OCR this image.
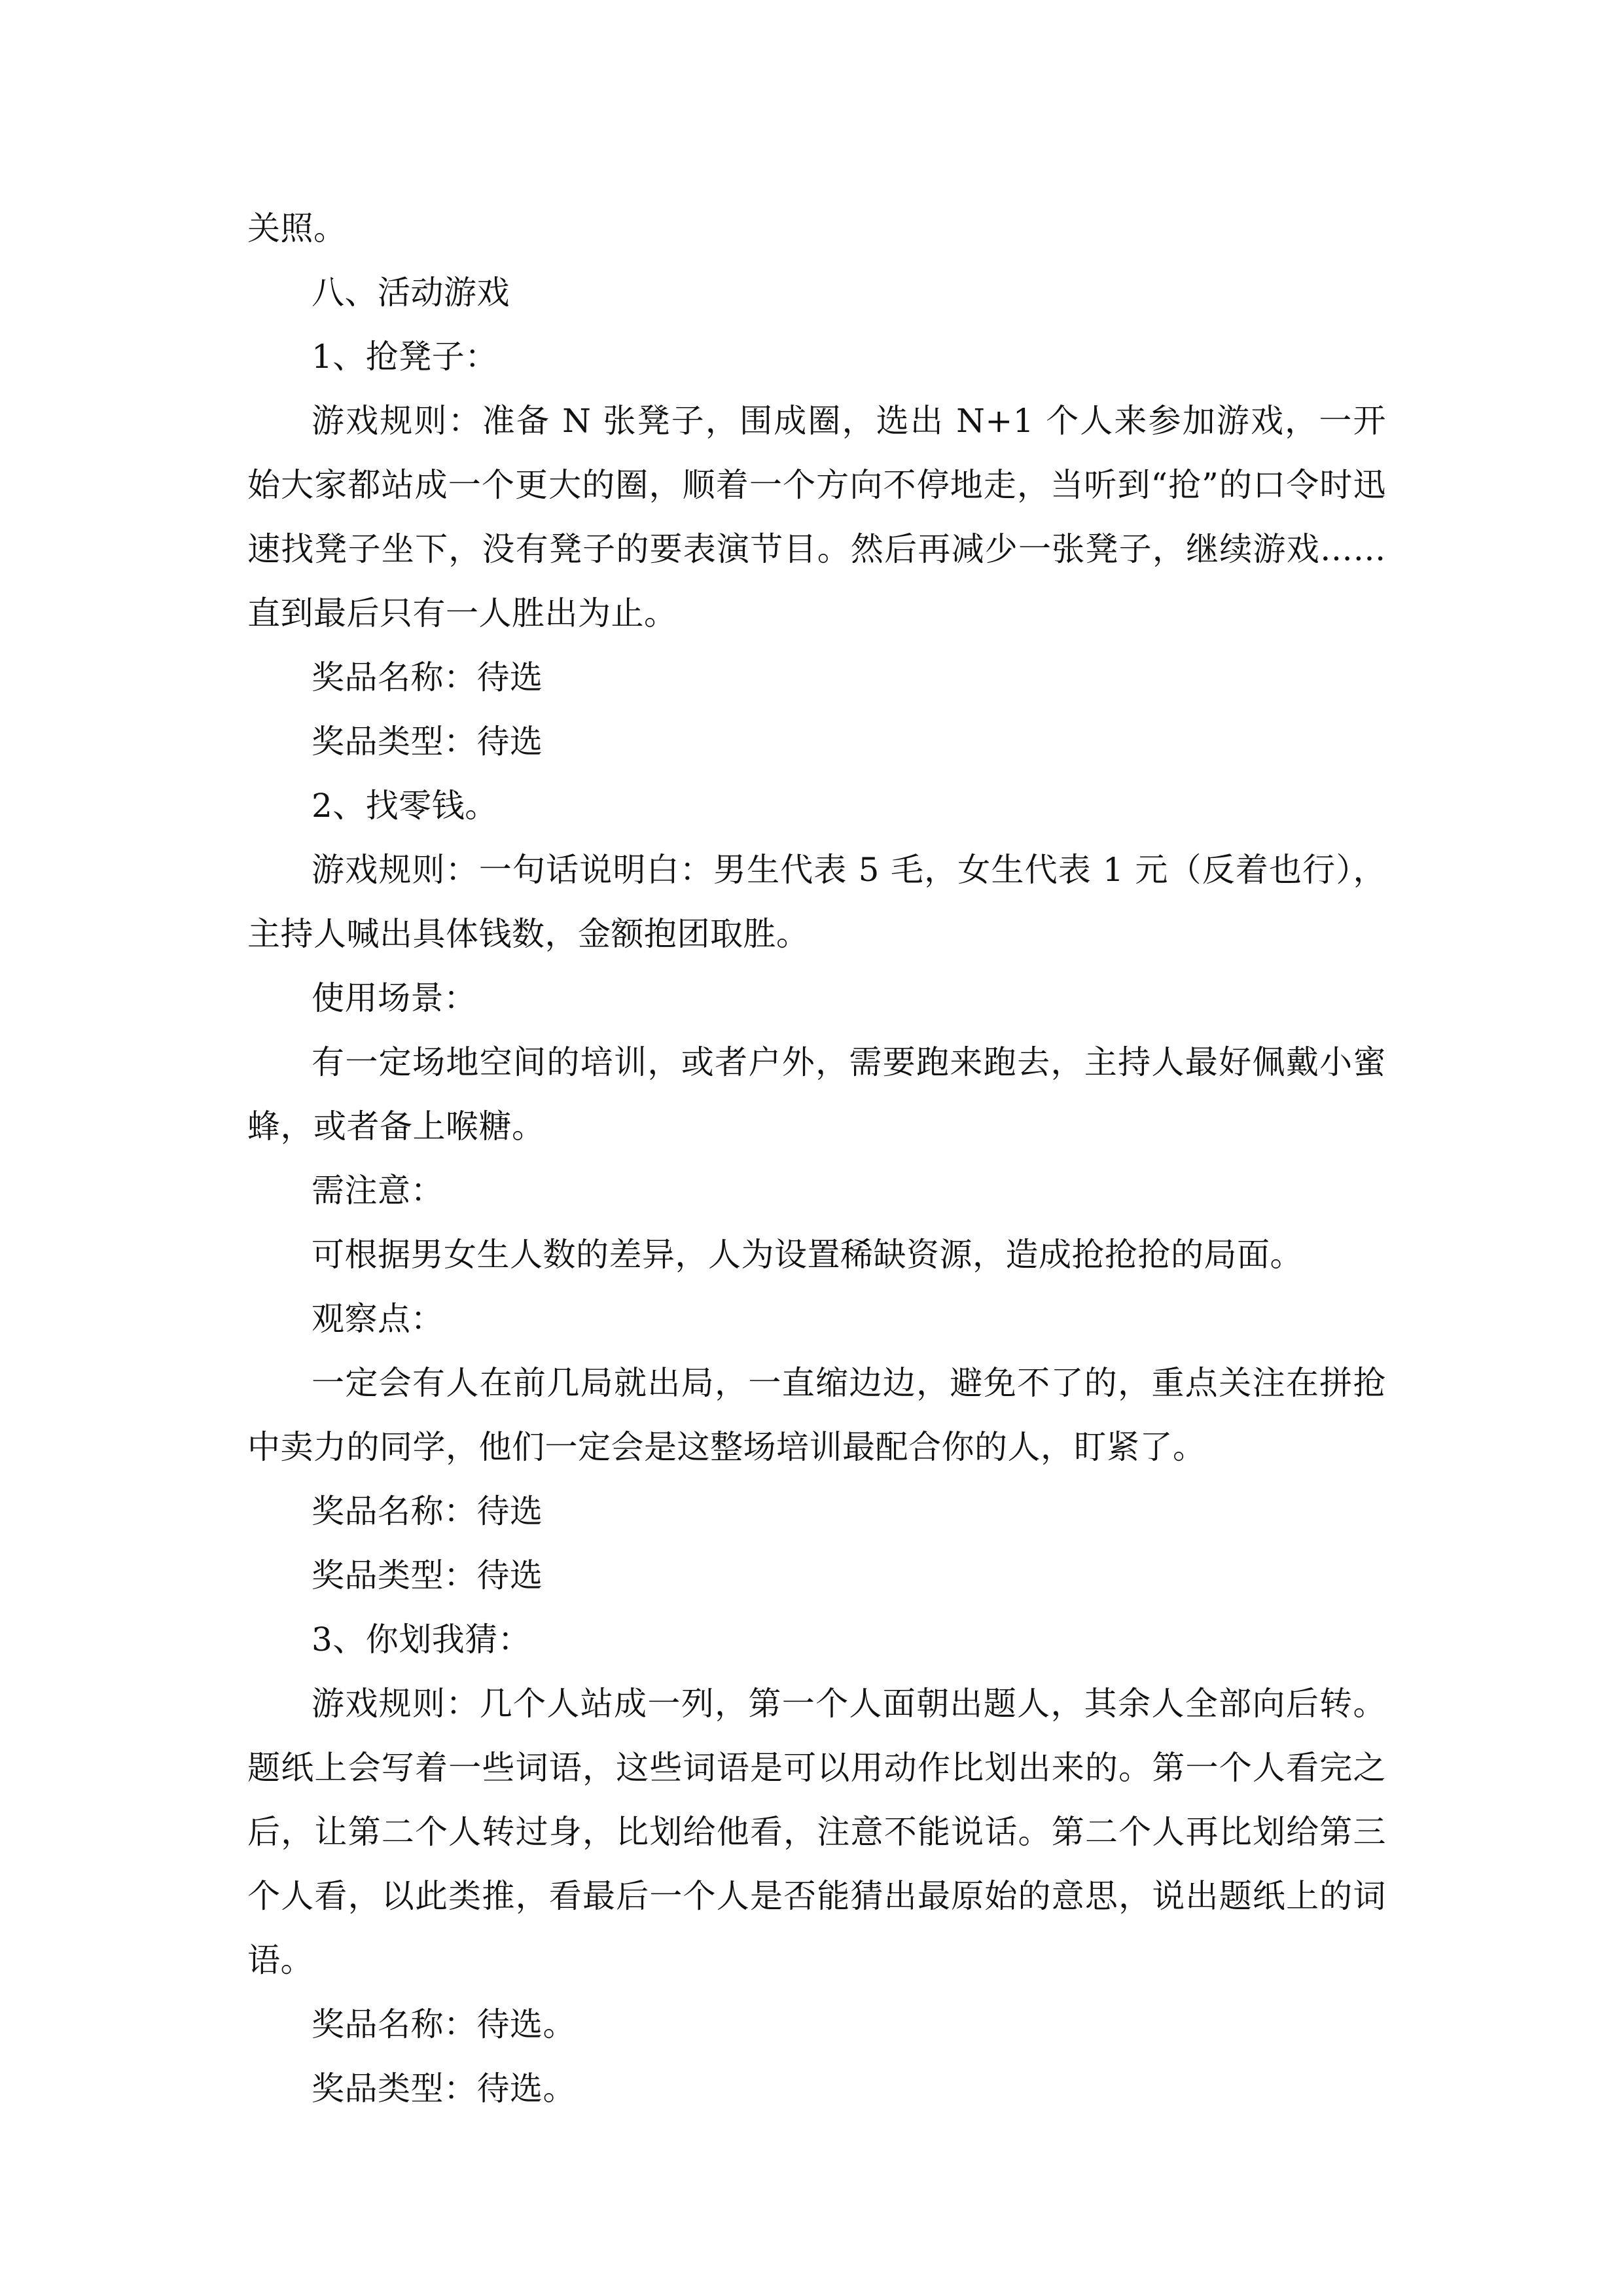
关照。

八、活动游戏

1、抢凳子：

游戏规则：准备 N 张凳子，围成圈，选出 N+1 个人来参加游戏，一开始大家都站成一个更大的圈，顺着一个方向不停地走，当听到“抢”的口令时迅速找凳子坐下，没有凳子的要表演节目。然后再减少一张凳子，继续游戏……直到最后只有一人胜出为止。

奖品名称：待选

奖品类型：待选

2、找零钱。

游戏规则：一句话说明白：男生代表 5 毛，女生代表 1 元（反着也行），主持人喊出具体钱数，金额抱团取胜。

使用场景：

有一定场地空间的培训，或者户外，需要跑来跑去，主持人最好佩戴小蜜蜂，或者备上喉糖。

需注意：

可根据男女生人数的差异，人为设置稀缺资源，造成抢抢抢的局面。

观察点：

一定会有人在前几局就出局，一直缩边边，避免不了的，重点关注在拼抢中卖力的同学，他们一定会是这整场培训最配合你的人，盯紧了。

奖品名称：待选

奖品类型：待选

3、你划我猜：

游戏规则：几个人站成一列，第一个人面朝出题人，其余人全部向后转。题纸上会写着一些词语，这些词语是可以用动作比划出来的。第一个人看完之后，让第二个人转过身，比划给他看，注意不能说话。第二个人再比划给第三个人看，以此类推，看最后一个人是否能猜出最原始的意思，说出题纸上的词语。

奖品名称：待选。

奖品类型：待选。
